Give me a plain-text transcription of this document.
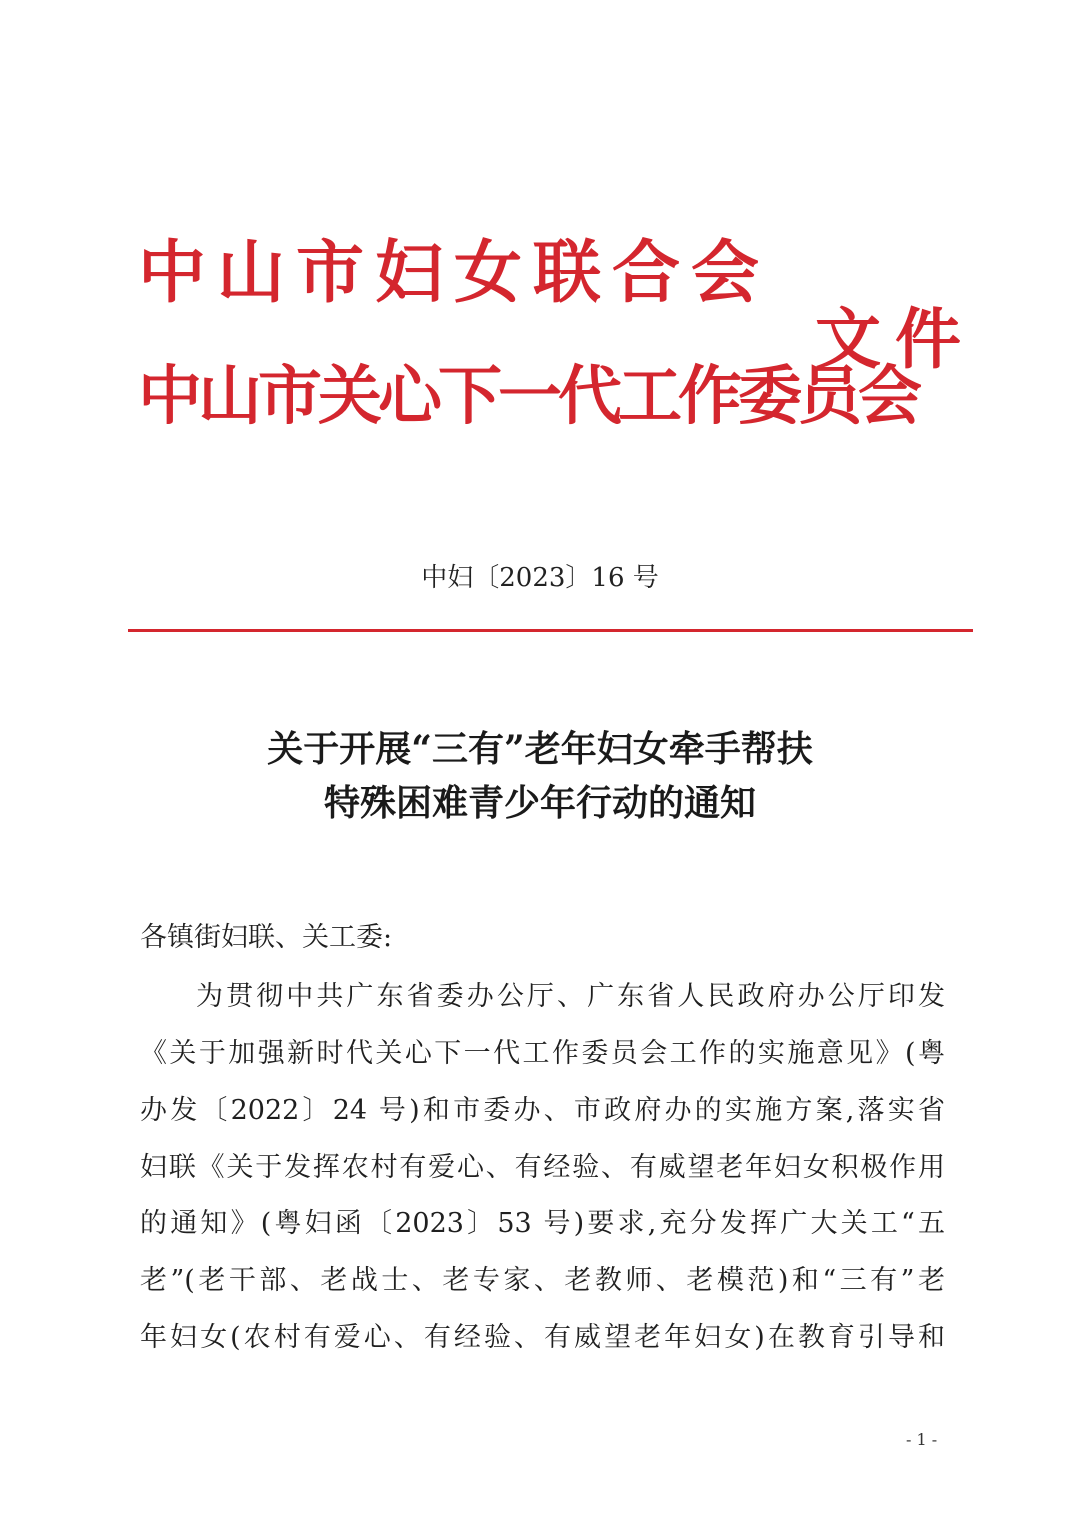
中山市妇女联合会
中山市关心下一代工作委员会
文件
中妇〔2023〕16 号
关于开展“三有”老年妇女牵手帮扶
特殊困难青少年行动的通知
各镇街妇联、关工委:
为贯彻中共广东省委办公厅、广东省人民政府办公厅印发
《关于加强新时代关心下一代工作委员会工作的实施意见》(粤
办发〔2022〕24 号)和市委办、市政府办的实施方案,落实省
妇联《关于发挥农村有爱心、有经验、有威望老年妇女积极作用
的通知》(粤妇函〔2023〕53 号)要求,充分发挥广大关工“五
老”(老干部、老战士、老专家、老教师、老模范)和“三有”老
年妇女(农村有爱心、有经验、有威望老年妇女)在教育引导和
- 1 -
